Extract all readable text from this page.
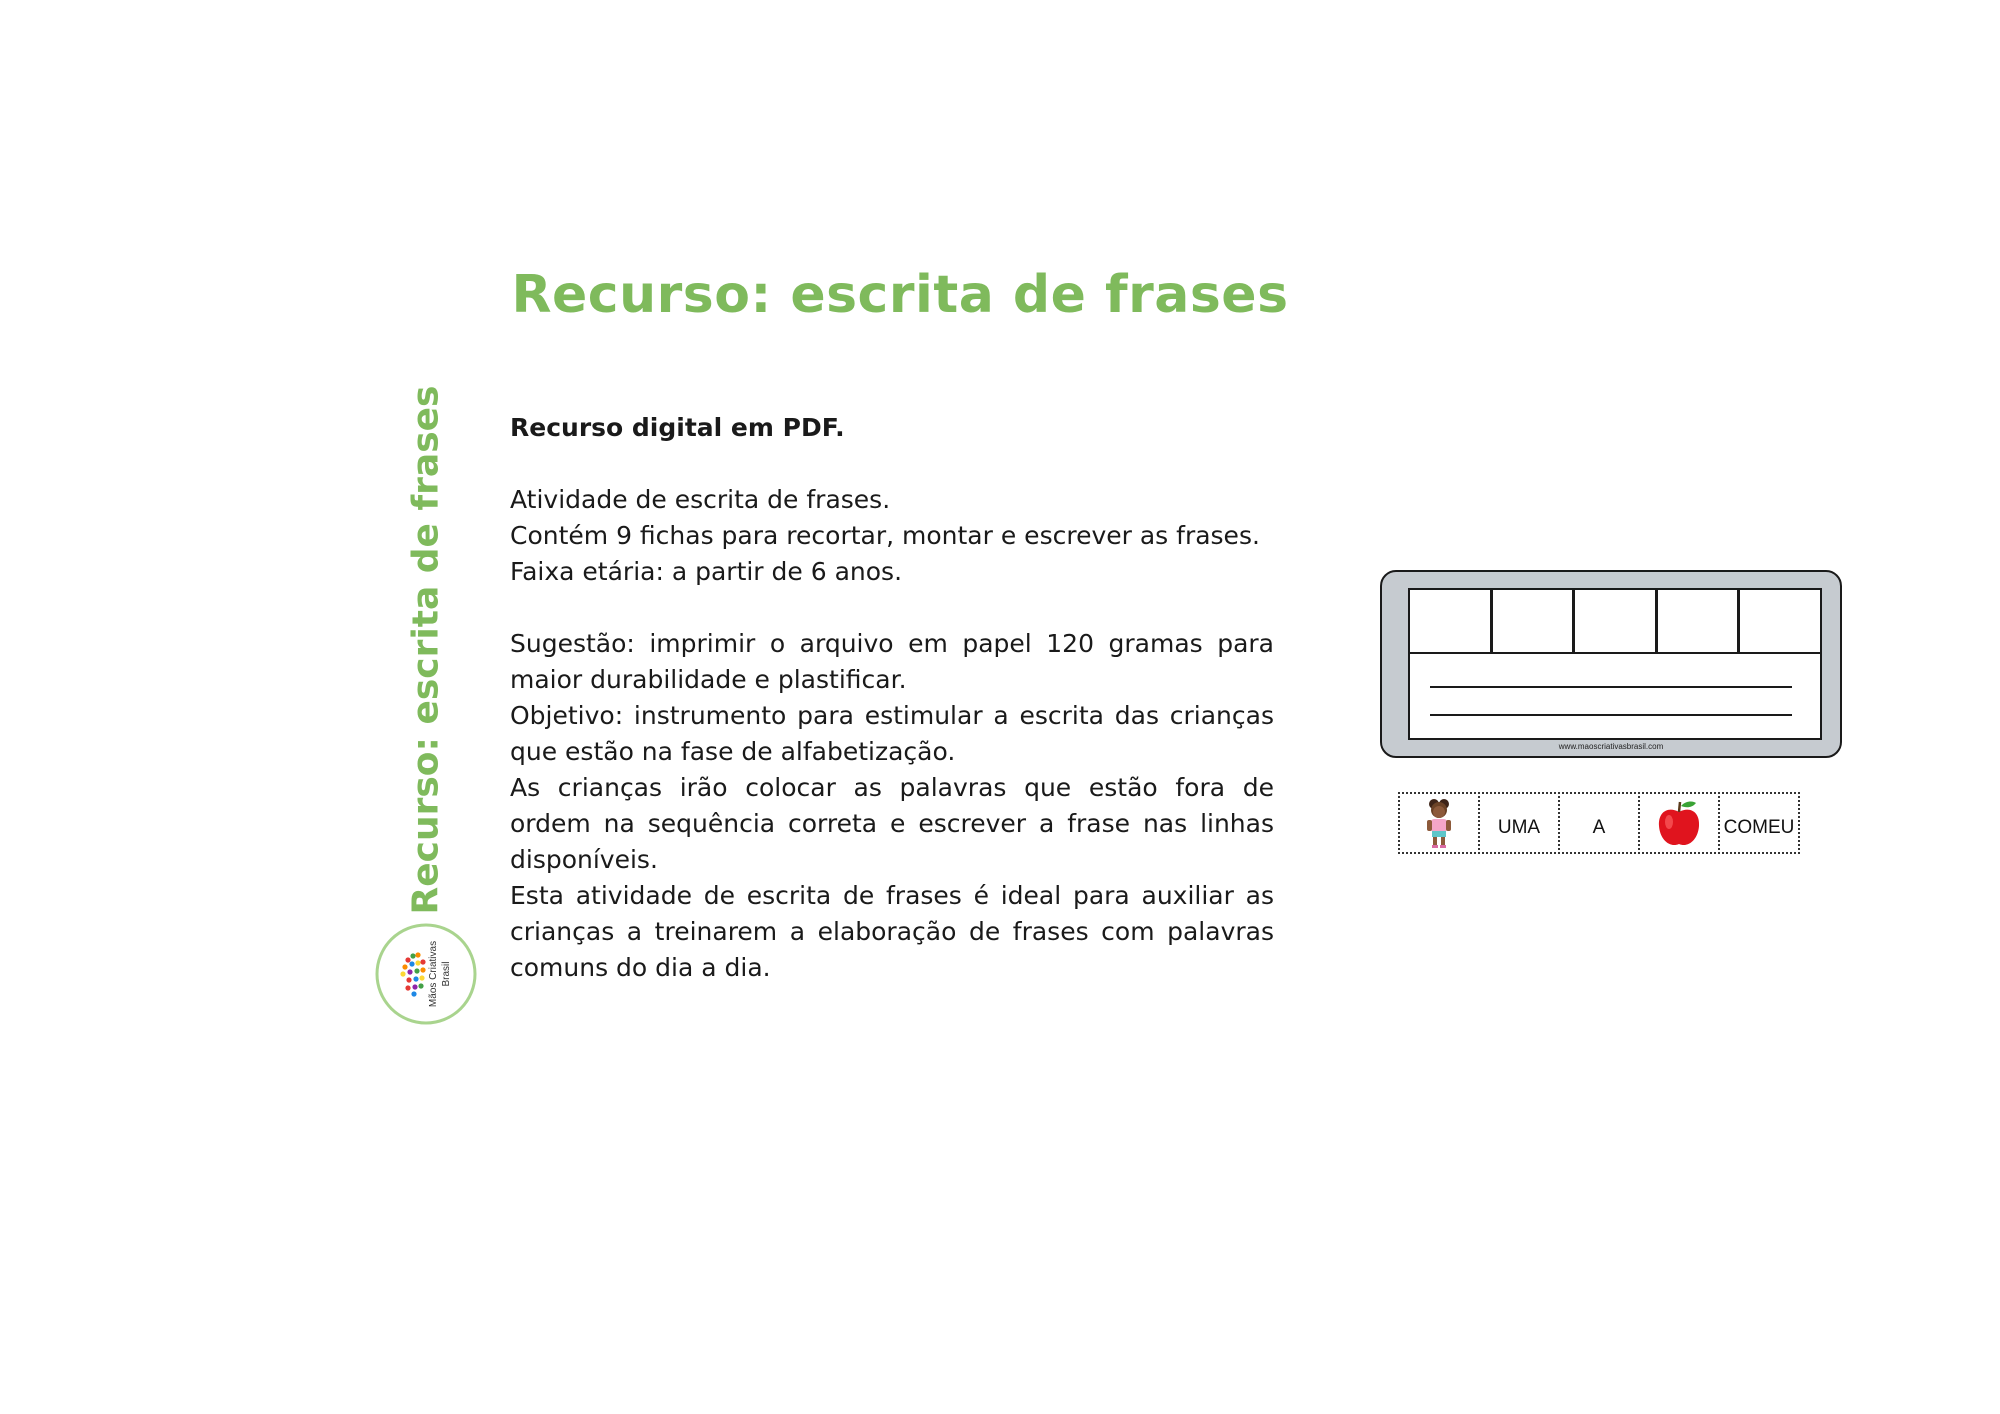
Recurso: escrita de frases
Recurso: escrita de frases
Mãos Criativas Brasil

Recurso digital em PDF.

Atividade de escrita de frases.

Contém 9 fichas para recortar, montar e escrever as frases.

Faixa etária: a partir de 6 anos.

Sugestão: imprimir o arquivo em papel 120 gramas para maior durabilidade e plastificar.

Objetivo: instrumento para estimular a escrita das crianças que estão na fase de alfabetização.

As crianças irão colocar as palavras que estão fora de ordem na sequência correta e escrever a frase nas linhas disponíveis.

Esta atividade de escrita de frases é ideal para auxiliar as crianças a treinarem a elaboração de frases com palavras comuns do dia a dia.

www.maoscriativasbrasil.com
UMA	A	COMEU
